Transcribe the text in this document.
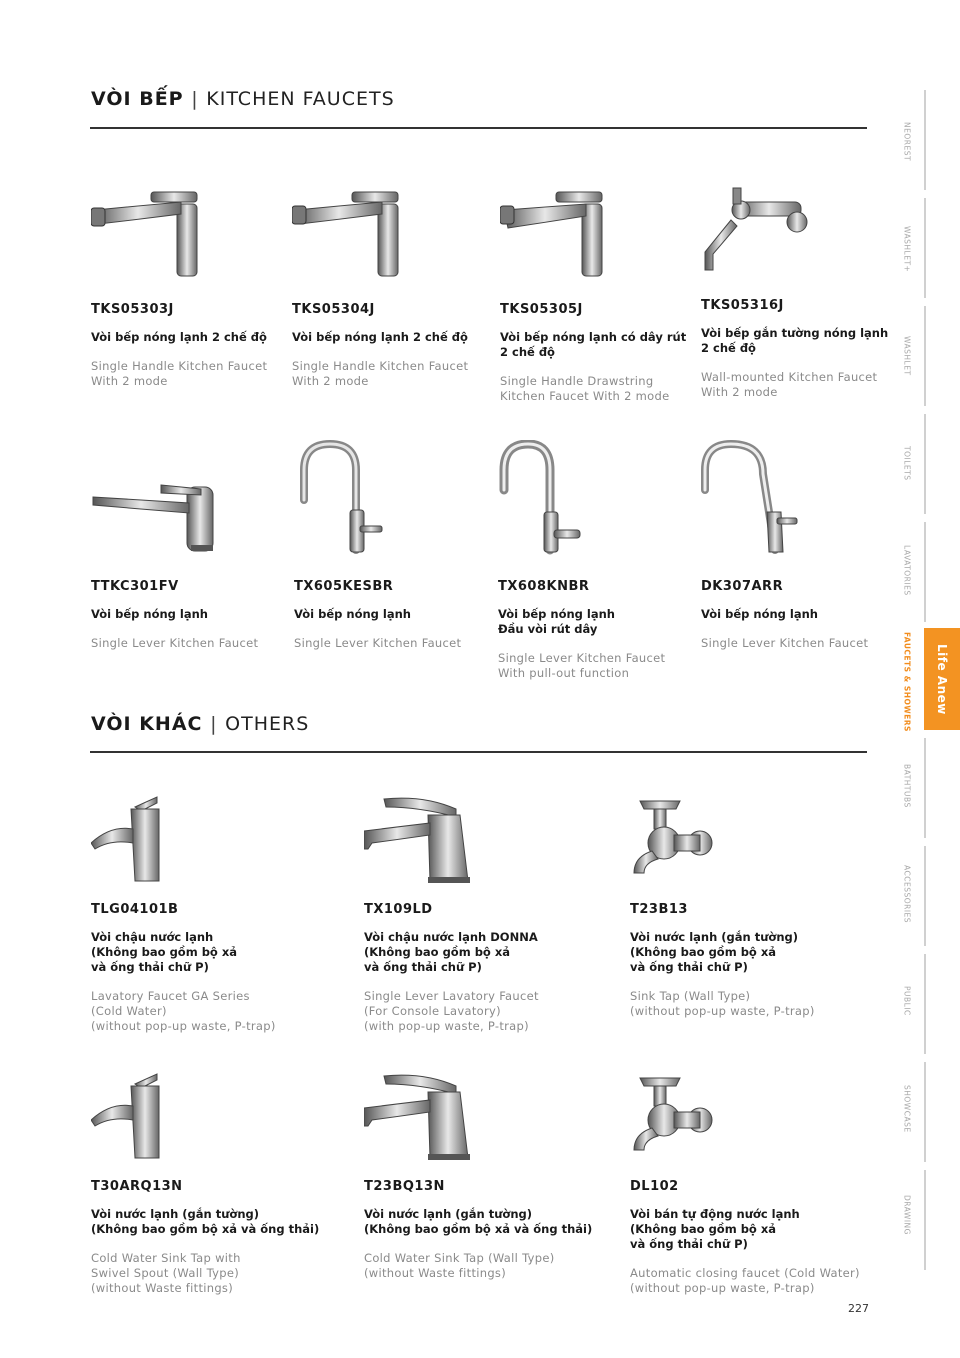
VÒI BẾP | KITCHEN FAUCETS

TKS05303J

Vòi bếp nóng lạnh 2 chế độ
Single Handle Kitchen Faucet
With 2 mode

TKS05304J

Vòi bếp nóng lạnh 2 chế độ
Single Handle Kitchen Faucet
With 2 mode

TKS05305J

Vòi bếp nóng lạnh có dây rút
2 chế độ
Single Handle Drawstring
Kitchen Faucet With 2 mode

TKS05316J

Vòi bếp gắn tường nóng lạnh
2 chế độ
Wall-mounted Kitchen Faucet
With 2 mode

TTKC301FV

Vòi bếp nóng lạnh
Single Lever Kitchen Faucet

TX605KESBR

Vòi bếp nóng lạnh
Single Lever Kitchen Faucet

TX608KNBR

Vòi bếp nóng lạnh
Đầu vòi rút dây
Single Lever Kitchen Faucet
With pull-out function

DK307ARR

Vòi bếp nóng lạnh
Single Lever Kitchen Faucet
VÒI KHÁC | OTHERS

TLG04101B

Vòi chậu nước lạnh
(Không bao gồm bộ xả
và ống thải chữ P)
Lavatory Faucet GA Series
(Cold Water)
(without pop-up waste, P-trap)

TX109LD

Vòi chậu nước lạnh DONNA
(Không bao gồm bộ xả
và ống thải chữ P)
Single Lever Lavatory Faucet
(For Console Lavatory)
(with pop-up waste, P-trap)

T23B13

Vòi nước lạnh (gắn tường)
(Không bao gồm bộ xả
và ống thải chữ P)
Sink Tap (Wall Type)
(without pop-up waste, P-trap)

T30ARQ13N

Vòi nước lạnh (gắn tường)
(Không bao gồm bộ xả và ống thải)
Cold Water Sink Tap with
Swivel Spout (Wall Type)
(without Waste fittings)

T23BQ13N

Vòi nước lạnh (gắn tường)
(Không bao gồm bộ xả và ống thải)
Cold Water Sink Tap (Wall Type)
(without Waste fittings)

DL102

Vòi bán tự động nước lạnh
(Không bao gồm bộ xả
và ống thải chữ P)
Automatic closing faucet (Cold Water)
(without pop-up waste, P-trap)
NEOREST
WASHLET+
WASHLET
TOILETS
LAVATORIES
FAUCETS & SHOWERS
BATHTUBS
ACCESSORIES
PUBLIC
SHOWCASE
DRAWING
Life Anew
227
